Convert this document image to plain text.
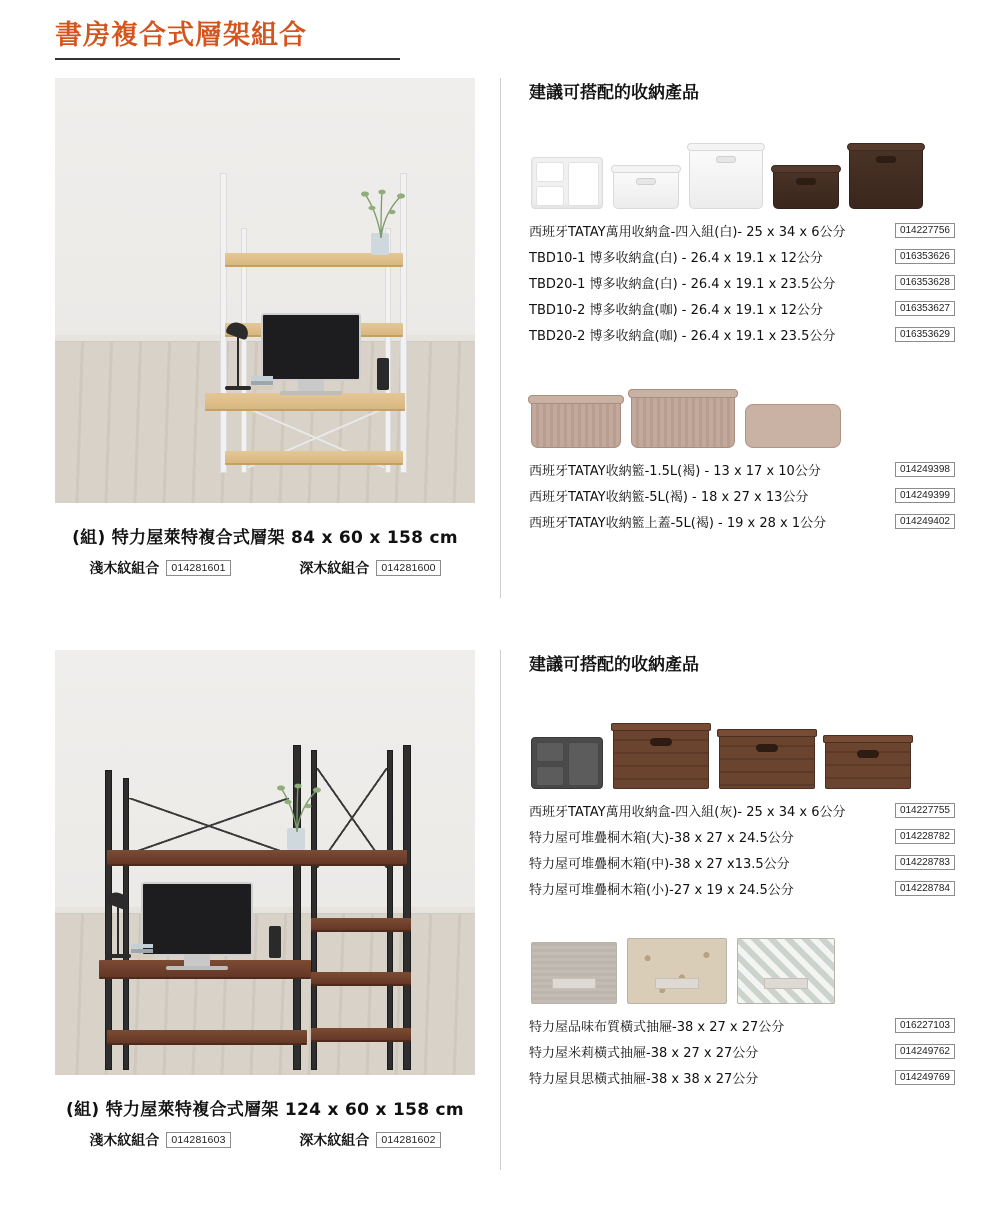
書房複合式層架組合
(組) 特力屋萊特複合式層架 84 x 60 x 158 cm
淺木紋組合	014281601	深木紋組合	014281600
建議可搭配的收納產品
西班牙TATAY萬用收納盒-四入組(白)- 25 x 34 x 6公分	014227756
TBD10-1 博多收納盒(白) - 26.4 x 19.1 x 12公分	016353626
TBD20-1 博多收納盒(白) - 26.4 x 19.1 x 23.5公分	016353628
TBD10-2 博多收納盒(咖) - 26.4 x 19.1 x 12公分	016353627
TBD20-2 博多收納盒(咖) - 26.4 x 19.1 x 23.5公分	016353629
西班牙TATAY收納籃-1.5L(褐) - 13 x 17 x 10公分	014249398
西班牙TATAY收納籃-5L(褐) - 18 x 27 x 13公分	014249399
西班牙TATAY收納籃上蓋-5L(褐) - 19 x 28 x 1公分	014249402
(組) 特力屋萊特複合式層架 124 x 60 x 158 cm
淺木紋組合	014281603	深木紋組合	014281602
建議可搭配的收納產品
西班牙TATAY萬用收納盒-四入組(灰)- 25 x 34 x 6公分	014227755
特力屋可堆疊桐木箱(大)-38 x 27 x 24.5公分	014228782
特力屋可堆疊桐木箱(中)-38 x 27 x13.5公分	014228783
特力屋可堆疊桐木箱(小)-27 x 19 x 24.5公分	014228784
特力屋品味布質橫式抽屜-38 x 27 x 27公分	016227103
特力屋米莉橫式抽屜-38 x 27 x 27公分	014249762
特力屋貝思橫式抽屜-38 x 38 x 27公分	014249769
